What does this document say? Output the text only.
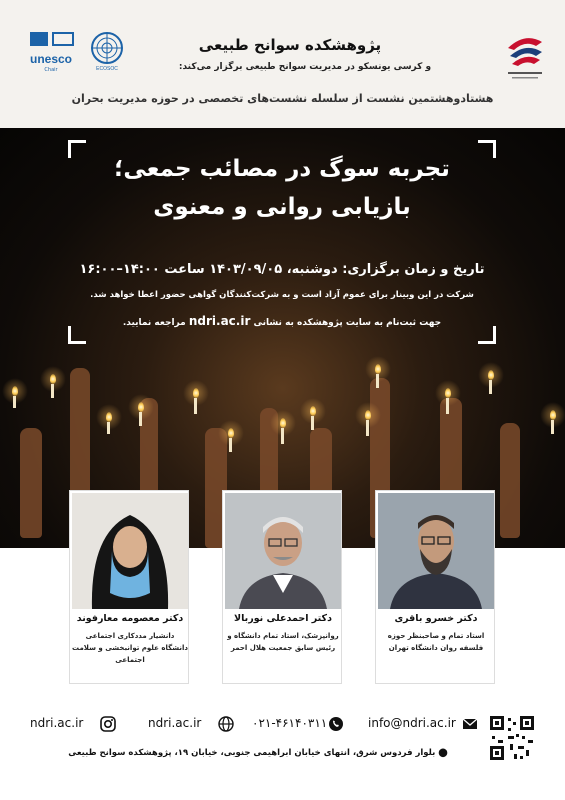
unesco
Chair	ECOSOC
پژوهشکده سوانح طبیعی
و کرسی یونسکو در مدیریت سوانح طبیعی برگزار می‌کند:
هشتادوهشتمین نشست از سلسله نشست‌های تخصصی در حوزه مدیریت بحران
تجربه سوگ در مصائب جمعی؛
بازیابی روانی و معنوی
تاریخ و زمان برگزاری: دوشنبه، ۱۴۰۳/۰۹/۰۵ ساعت ۱۴:۰۰–۱۶:۰۰
شرکت در این وبینار برای عموم آزاد است و به شرکت‌کنندگان گواهی حضور اعطا خواهد شد.
جهت ثبت‌نام به سایت پژوهشکده به نشانی ndri.ac.ir مراجعه نمایید.
دکتر معصومه معارفوند
دانشیار مددکاری اجتماعی دانشگاه علوم توانبخشی و سلامت اجتماعی
دکتر احمدعلی نوربالا
روانپزشک، استاد تمام دانشگاه و رئیس سابق جمعیت هلال احمر
دکتر خسرو باقری
استاد تمام و صاحبنظر حوزه فلسفه روان دانشگاه تهران
ndri.ac.ir	ndri.ac.ir	۰۲۱-۴۶۱۴۰۳۱۱	info@ndri.ac.ir
⬤ بلوار فردوس شرق، انتهای خیابان ابراهیمی جنوبی، خیابان ۱۹، پژوهشکده سوانح طبیعی
